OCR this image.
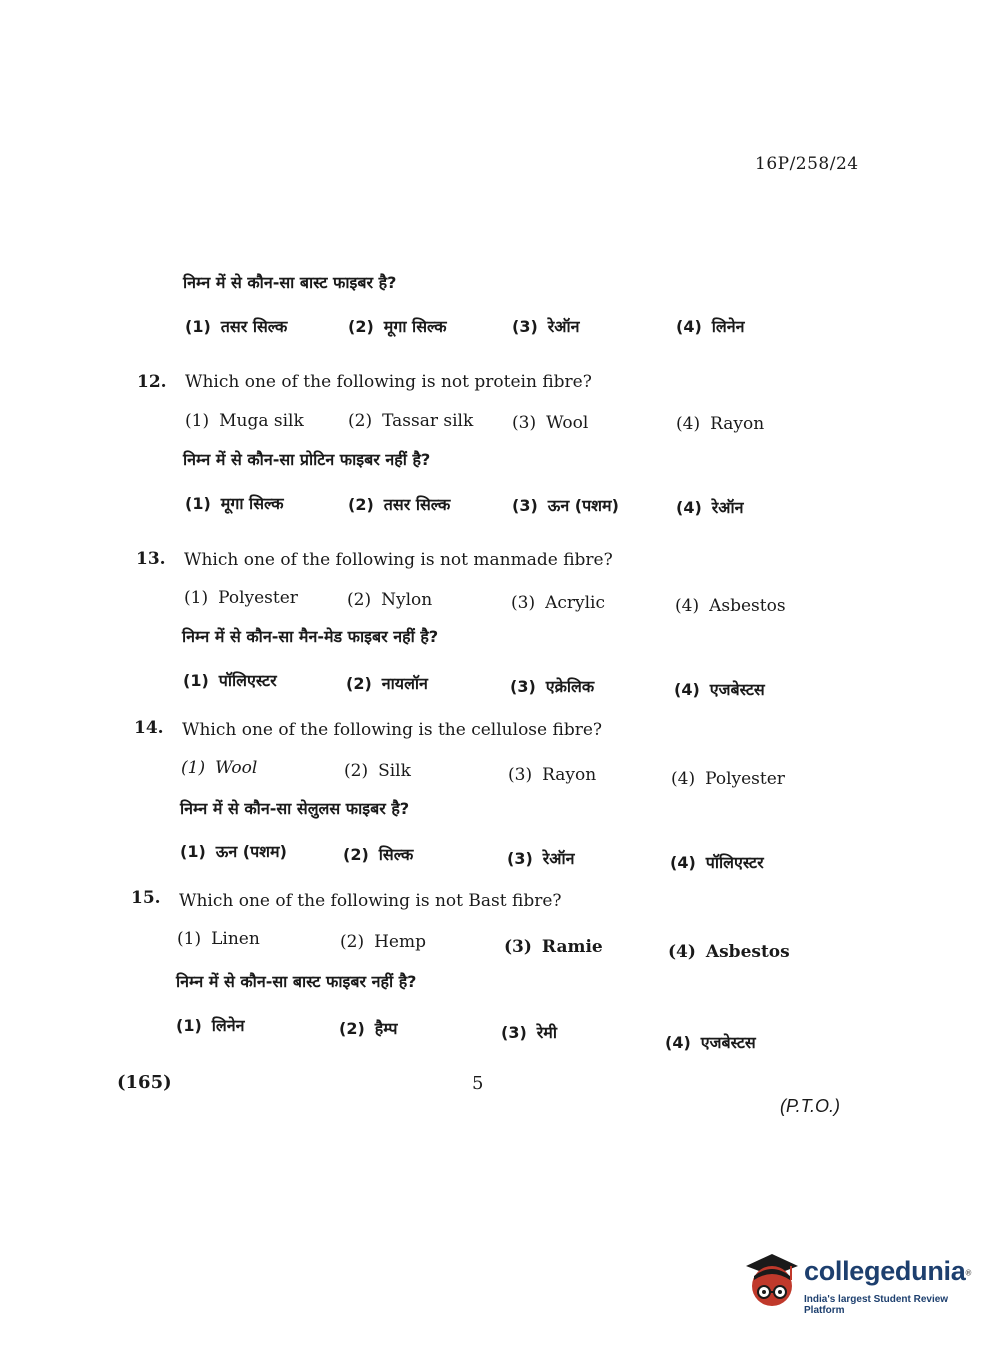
16P/258/24
निम्न में से कौन-सा बास्ट फाइबर है?
(1) तसर सिल्क	(2) मूगा सिल्क	(3) रेऑन	(4) लिनेन
12. Which one of the following is not protein fibre?
(1) Muga silk	(2) Tassar silk (3) Wool	(4) Rayon
निम्न में से कौन-सा प्रोटिन फाइबर नहीं है?
(1) मूगा सिल्क	(2) तसर सिल्क	(3) ऊन (पशम)	(4) रेऑन
13. Which one of the following is not manmade fibre?
(1) Polyester	(2) Nylon	(3) Acrylic	(4) Asbestos
निम्न में से कौन-सा मैन-मेड फाइबर नहीं है?
(1) पॉलिएस्टर	(2) नायलॉन	(3) एक्रेलिक	(4) एजबेस्टस
14. Which one of the following is the cellulose fibre?
(1) Wool	(2) Silk	(3) Rayon	(4) Polyester
निम्न में से कौन-सा सेलुलस फाइबर है?
(1) ऊन (पशम)	(2) सिल्क	(3) रेऑन	(4) पॉलिएस्टर
15. Which one of the following is not Bast fibre?
(1) Linen	(2) Hemp	(3) Ramie	(4) Asbestos
निम्न में से कौन-सा बास्ट फाइबर नहीं है?
(1) लिनेन	(2) हैम्प	(3) रेमी
(4) एजबेस्टस
(165)	5
(P.T.O.)
collegedunia®
India's largest Student Review Platform
